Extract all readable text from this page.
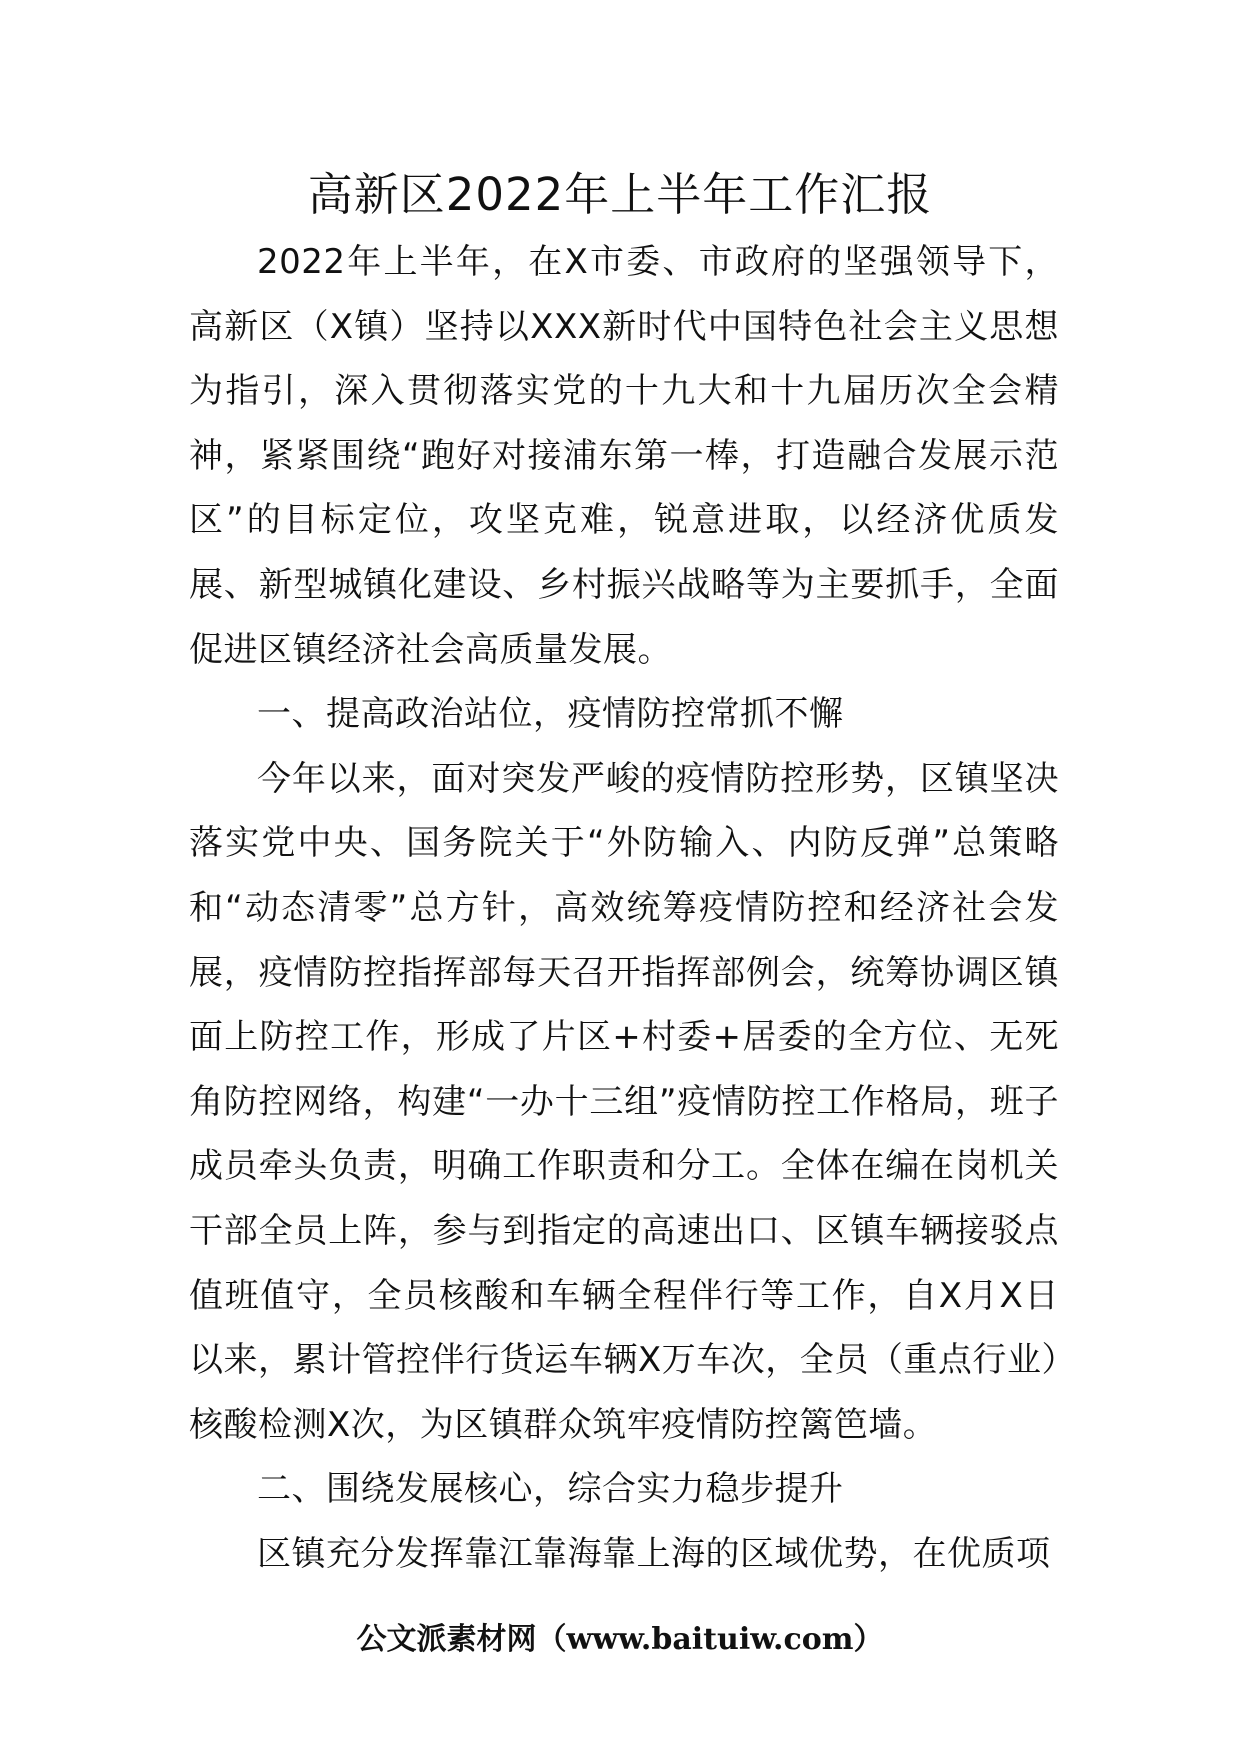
高新区2022年上半年工作汇报

2022年上半年，在X市委、市政府的坚强领导下，高新区（X镇）坚持以XXX新时代中国特色社会主义思想为指引，深入贯彻落实党的十九大和十九届历次全会精神，紧紧围绕“跑好对接浦东第一棒，打造融合发展示范区”的目标定位，攻坚克难，锐意进取，以经济优质发展、新型城镇化建设、乡村振兴战略等为主要抓手，全面促进区镇经济社会高质量发展。

一、提高政治站位，疫情防控常抓不懈

今年以来，面对突发严峻的疫情防控形势，区镇坚决落实党中央、国务院关于“外防输入、内防反弹”总策略和“动态清零”总方针，高效统筹疫情防控和经济社会发展，疫情防控指挥部每天召开指挥部例会，统筹协调区镇面上防控工作，形成了片区+村委+居委的全方位、无死角防控网络，构建“一办十三组”疫情防控工作格局，班子成员牵头负责，明确工作职责和分工。全体在编在岗机关干部全员上阵，参与到指定的高速出口、区镇车辆接驳点值班值守，全员核酸和车辆全程伴行等工作，自X月X日以来，累计管控伴行货运车辆X万车次，全员（重点行业）核酸检测X次，为区镇群众筑牢疫情防控篱笆墙。

二、围绕发展核心，综合实力稳步提升

区镇充分发挥靠江靠海靠上海的区域优势，在优质项

公文派素材网（www.baituiw.com）
